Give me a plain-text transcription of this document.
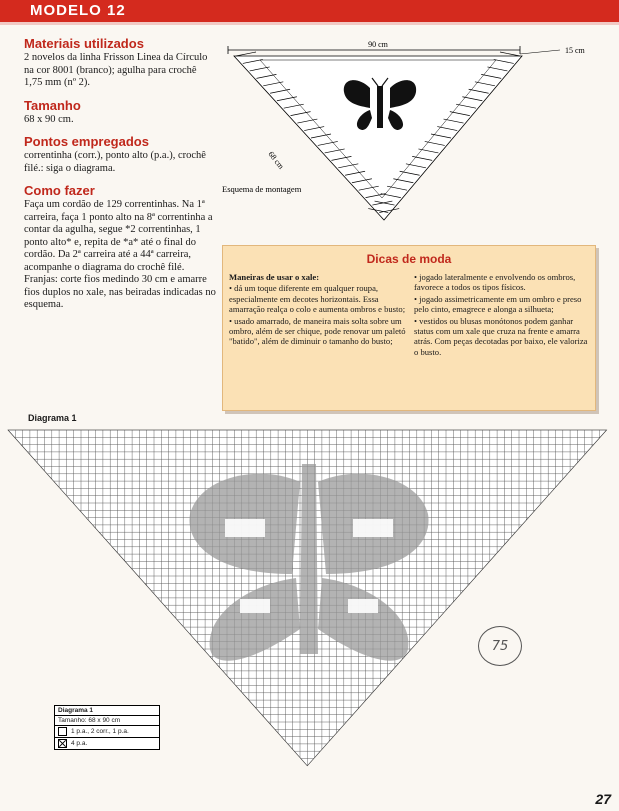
MODELO 12
Materiais utilizados
2 novelos da linha Frisson Linea da Círculo na cor 8001 (branco); agulha para crochê 1,75 mm (nº 2).
Tamanho
68 x 90 cm.
Pontos empregados
correntinha (corr.), ponto alto (p.a.), crochê filé.: siga o diagrama.
Como fazer
Faça um cordão de 129 correntinhas. Na 1ª carreira, faça 1 ponto alto na 8ª correntinha a contar da agulha, segue *2 correntinhas, 1 ponto alto* e, repita de *a* até o final do cordão. Da 2ª carreira até a 44ª carreira, acompanhe o diagrama do crochê filé. Franjas: corte fios medindo 30 cm e amarre fios duplos no xale, nas beiradas indicadas no esquema.
90 cm
15 cm
68 cm
Esquema de montagem
Dicas de moda

Maneiras de usar o xale:

• dá um toque diferente em qualquer roupa, especialmente em decotes horizontais. Essa amarração realça o colo e aumenta ombros e busto;

• usado amarrado, de maneira mais solta sobre um ombro, além de ser chique, pode renovar um paletó "batido", além de diminuir o tamanho do busto;

• jogado lateralmente e envolvendo os ombros, favorece a todos os tipos físicos.

• jogado assimetricamente em um ombro e preso pelo cinto, emagrece e alonga a silhueta;

• vestidos ou blusas monótonos podem ganhar status com um xale que cruza na frente e amarra atrás. Com peças decotadas por baixo, ele valoriza o busto.

Diagrama 1
75
Diagrama 1
Tamanho: 68 x 90 cm
1 p.a., 2 corr., 1 p.a.
4 p.a.
27
